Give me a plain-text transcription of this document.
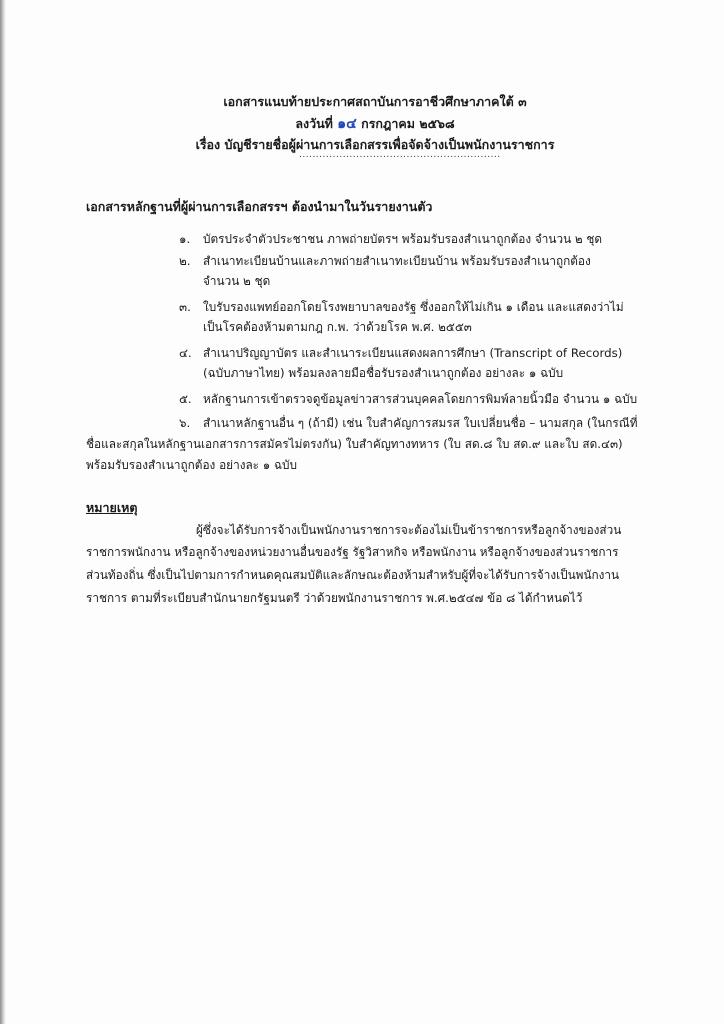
เอกสารแนบท้ายประกาศสถาบันการอาชีวศึกษาภาคใต้ ๓
ลงวันที่ ๑๔ กรกฎาคม ๒๕๖๘
เรื่อง บัญชีรายชื่อผู้ผ่านการเลือกสรรเพื่อจัดจ้างเป็นพนักงานราชการ
............................................................
เอกสารหลักฐานที่ผู้ผ่านการเลือกสรรฯ ต้องนำมาในวันรายงานตัว
๑. บัตรประจำตัวประชาชน ภาพถ่ายบัตรฯ พร้อมรับรองสำเนาถูกต้อง จำนวน ๒ ชุด
๒. สำเนาทะเบียนบ้านและภาพถ่ายสำเนาทะเบียนบ้าน พร้อมรับรองสำเนาถูกต้อง
จำนวน ๒ ชุด
๓. ใบรับรองแพทย์ออกโดยโรงพยาบาลของรัฐ ซึ่งออกให้ไม่เกิน ๑ เดือน และแสดงว่าไม่
เป็นโรคต้องห้ามตามกฎ ก.พ. ว่าด้วยโรค พ.ศ. ๒๕๕๓
๔. สำเนาปริญญาบัตร และสำเนาระเบียนแสดงผลการศึกษา (Transcript of Records)
(ฉบับภาษาไทย) พร้อมลงลายมือชื่อรับรองสำเนาถูกต้อง อย่างละ ๑ ฉบับ
๕. หลักฐานการเข้าตรวจดูข้อมูลข่าวสารส่วนบุคคลโดยการพิมพ์ลายนิ้วมือ จำนวน ๑ ฉบับ
๖. สำเนาหลักฐานอื่น ๆ (ถ้ามี) เช่น ใบสำคัญการสมรส ใบเปลี่ยนชื่อ – นามสกุล (ในกรณีที่
ชื่อและสกุลในหลักฐานเอกสารการสมัครไม่ตรงกัน) ใบสำคัญทางทหาร (ใบ สด.๘ ใบ สด.๙ และใบ สด.๔๓)
พร้อมรับรองสำเนาถูกต้อง อย่างละ ๑ ฉบับ
หมายเหตุ
ผู้ซึ่งจะได้รับการจ้างเป็นพนักงานราชการจะต้องไม่เป็นข้าราชการหรือลูกจ้างของส่วน
ราชการพนักงาน หรือลูกจ้างของหน่วยงานอื่นของรัฐ รัฐวิสาหกิจ หรือพนักงาน หรือลูกจ้างของส่วนราชการ
ส่วนท้องถิ่น ซึ่งเป็นไปตามการกำหนดคุณสมบัติและลักษณะต้องห้ามสำหรับผู้ที่จะได้รับการจ้างเป็นพนักงาน
ราชการ ตามที่ระเบียบสำนักนายกรัฐมนตรี ว่าด้วยพนักงานราชการ พ.ศ.๒๕๔๗ ข้อ ๘ ได้กำหนดไว้
